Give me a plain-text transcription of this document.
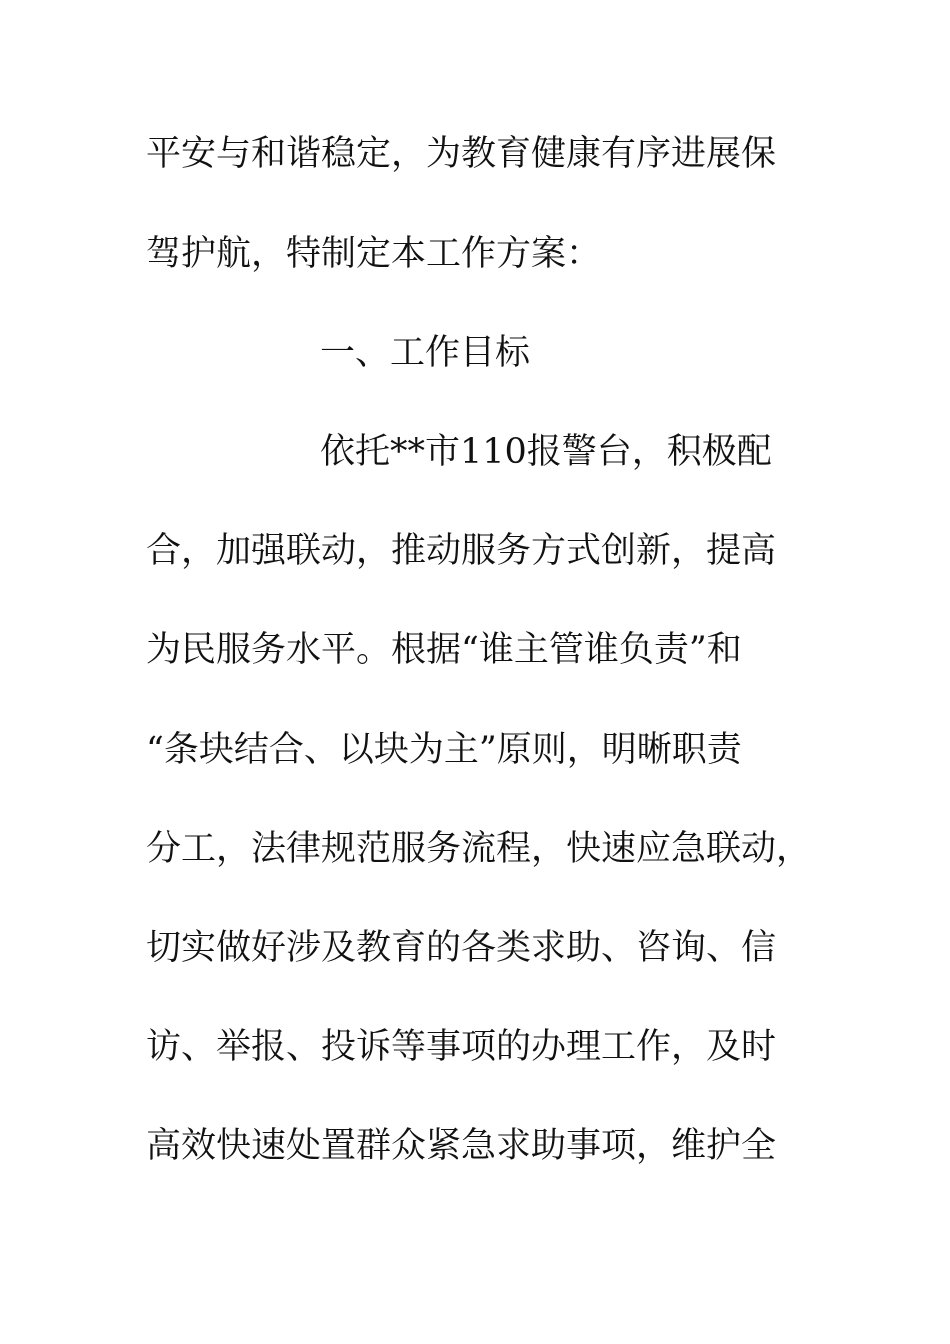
平安与和谐稳定，为教育健康有序进展保
驾护航，特制定本工作方案：
一、工作目标
依托**市110报警台，积极配
合，加强联动，推动服务方式创新，提高
为民服务水平。根据“谁主管谁负责”和
“条块结合、以块为主”原则，明晰职责
分工，法律规范服务流程，快速应急联动，
切实做好涉及教育的各类求助、咨询、信
访、举报、投诉等事项的办理工作，及时
高效快速处置群众紧急求助事项，维护全
